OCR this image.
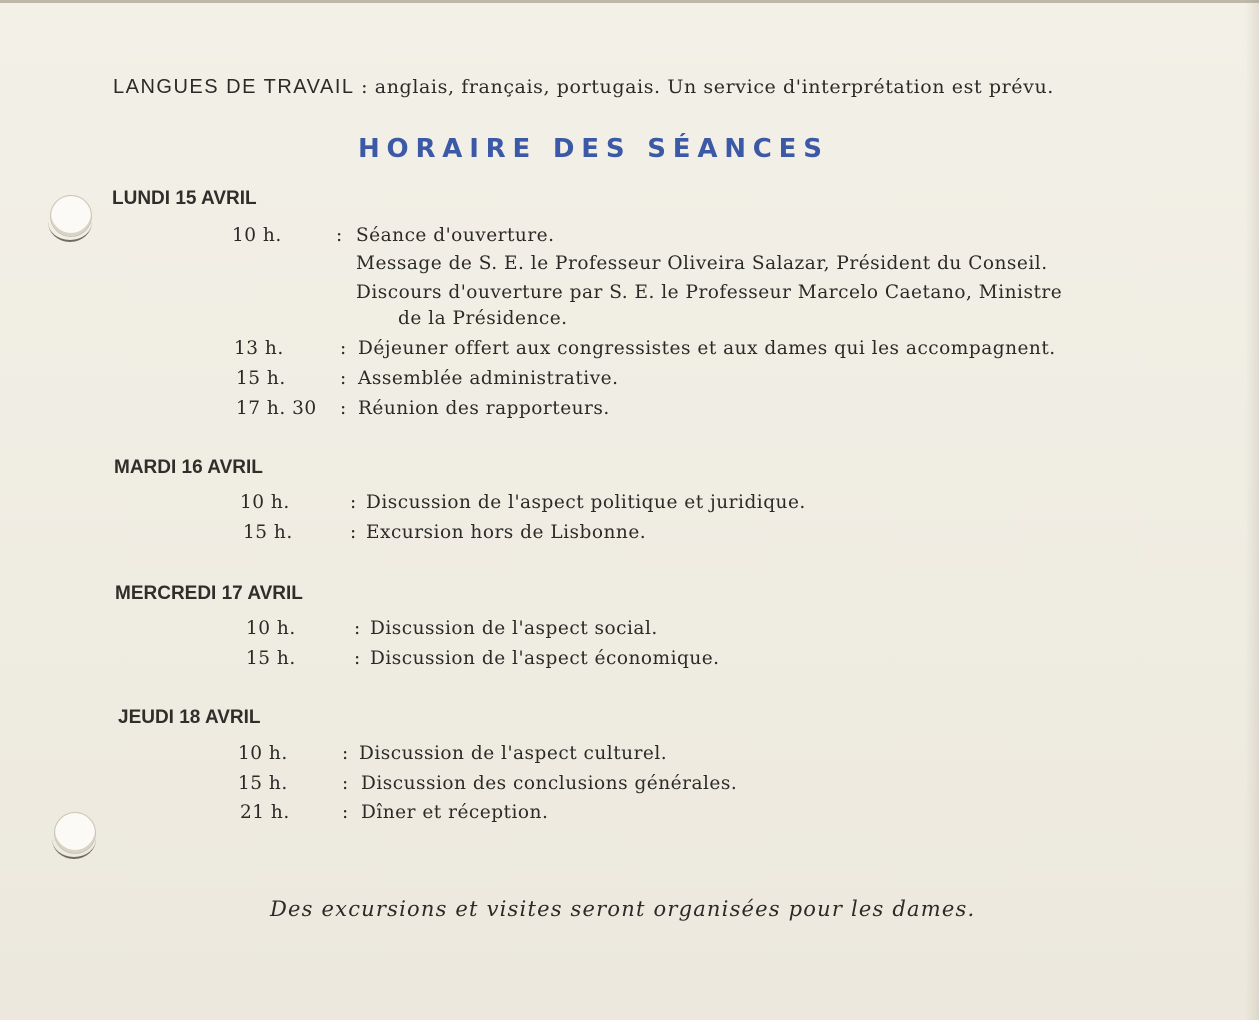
LANGUES DE TRAVAIL : anglais, français, portugais. Un service d'interprétation est prévu.
HORAIRE DES SÉANCES
LUNDI 15 AVRIL
10 h.	: Séance d'ouverture.
Message de S. E. le Professeur Oliveira Salazar, Président du Conseil.
Discours d'ouverture par S. E. le Professeur Marcelo Caetano, Ministre
de la Présidence.
13 h.	: Déjeuner offert aux congressistes et aux dames qui les accompagnent.
15 h.	: Assemblée administrative.
17 h. 30 : Réunion des rapporteurs.
MARDI 16 AVRIL
10 h.	: Discussion de l'aspect politique et juridique.
15 h.	: Excursion hors de Lisbonne.
MERCREDI 17 AVRIL
10 h.	: Discussion de l'aspect social.
15 h.	: Discussion de l'aspect économique.
JEUDI 18 AVRIL
10 h.	: Discussion de l'aspect culturel.
15 h.	: Discussion des conclusions générales.
21 h.	: Dîner et réception.
Des excursions et visites seront organisées pour les dames.
